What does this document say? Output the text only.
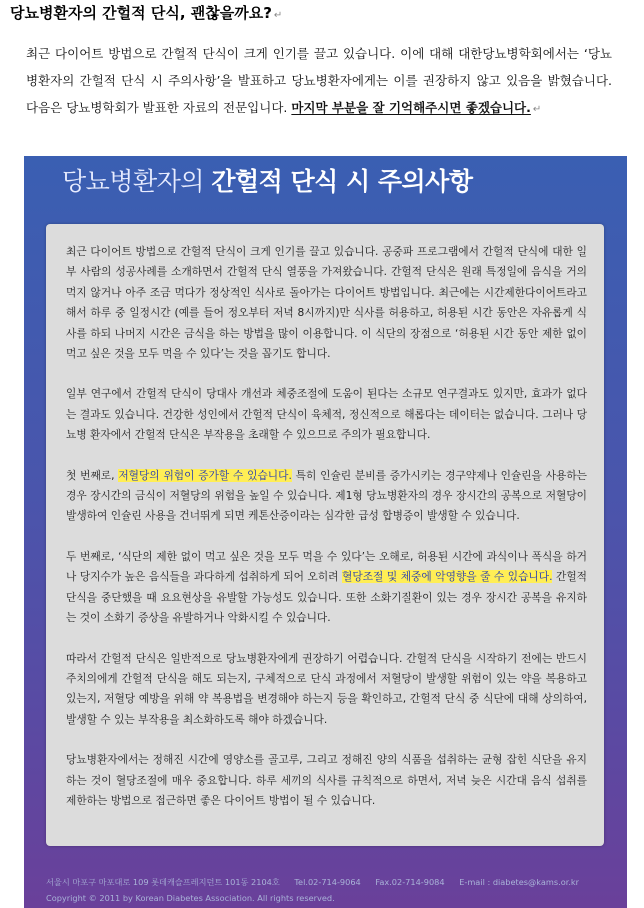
당뇨병환자의 간헐적 단식, 괜찮을까요? ↵
최근 다이어트 방법으로 간헐적 단식이 크게 인기를 끌고 있습니다. 이에 대해 대한당뇨병학회에서는 ‘당뇨병환자의 간헐적 단식 시 주의사항’을 발표하고 당뇨병환자에게는 이를 권장하지 않고 있음을 밝혔습니다. 다음은 당뇨병학회가 발표한 자료의 전문입니다. 마지막 부분을 잘 기억해주시면 좋겠습니다. ↵
당뇨병환자의 간헐적 단식 시 주의사항

최근 다이어트 방법으로 간헐적 단식이 크게 인기를 끌고 있습니다. 공중파 프로그램에서 간헐적 단식에 대한 일부 사람의 성공사례를 소개하면서 간헐적 단식 열풍을 가져왔습니다. 간헐적 단식은 원래 특정일에 음식을 거의 먹지 않거나 아주 조금 먹다가 정상적인 식사로 돌아가는 다이어트 방법입니다. 최근에는 시간제한다이어트라고 해서 하루 중 일정시간 (예를 들어 정오부터 저녁 8시까지)만 식사를 허용하고, 허용된 시간 동안은 자유롭게 식사를 하되 나머지 시간은 금식을 하는 방법을 많이 이용합니다. 이 식단의 장점으로 ‘허용된 시간 동안 제한 없이 먹고 싶은 것을 모두 먹을 수 있다’는 것을 꼽기도 합니다.

일부 연구에서 간헐적 단식이 당대사 개선과 체중조절에 도움이 된다는 소규모 연구결과도 있지만, 효과가 없다는 결과도 있습니다. 건강한 성인에서 간헐적 단식이 육체적, 정신적으로 해롭다는 데이터는 없습니다. 그러나 당뇨병 환자에서 간헐적 단식은 부작용을 초래할 수 있으므로 주의가 필요합니다.

첫 번째로, 저혈당의 위험이 증가할 수 있습니다. 특히 인슐린 분비를 증가시키는 경구약제나 인슐린을 사용하는 경우 장시간의 금식이 저혈당의 위험을 높일 수 있습니다. 제1형 당뇨병환자의 경우 장시간의 공복으로 저혈당이 발생하여 인슐린 사용을 건너뛰게 되면 케톤산증이라는 심각한 급성 합병증이 발생할 수 있습니다.

두 번째로, ‘식단의 제한 없이 먹고 싶은 것을 모두 먹을 수 있다’는 오해로, 허용된 시간에 과식이나 폭식을 하거나 당지수가 높은 음식들을 과다하게 섭취하게 되어 오히려 혈당조절 및 체중에 악영향을 줄 수 있습니다. 간헐적 단식을 중단했을 때 요요현상을 유발할 가능성도 있습니다. 또한 소화기질환이 있는 경우 장시간 공복을 유지하는 것이 소화기 증상을 유발하거나 악화시킬 수 있습니다.

따라서 간헐적 단식은 일반적으로 당뇨병환자에게 권장하기 어렵습니다. 간헐적 단식을 시작하기 전에는 반드시 주치의에게 간헐적 단식을 해도 되는지, 구체적으로 단식 과정에서 저혈당이 발생할 위험이 있는 약을 복용하고 있는지, 저혈당 예방을 위해 약 복용법을 변경해야 하는지 등을 확인하고, 간헐적 단식 중 식단에 대해 상의하여, 발생할 수 있는 부작용을 최소화하도록 해야 하겠습니다.

당뇨병환자에서는 정해진 시간에 영양소를 골고루, 그리고 정해진 양의 식품을 섭취하는 균형 잡힌 식단을 유지하는 것이 혈당조절에 매우 중요합니다. 하루 세끼의 식사를 규칙적으로 하면서, 저녁 늦은 시간대 음식 섭취를 제한하는 방법으로 접근하면 좋은 다이어트 방법이 될 수 있습니다.

서울시 마포구 마포대로 109 롯데캐슬프레지던트 101동 2104호 Tel.02-714-9064 Fax.02-714-9084 E-mail : diabetes@kams.or.kr
Copyright © 2011 by Korean Diabetes Association. All rights reserved.
